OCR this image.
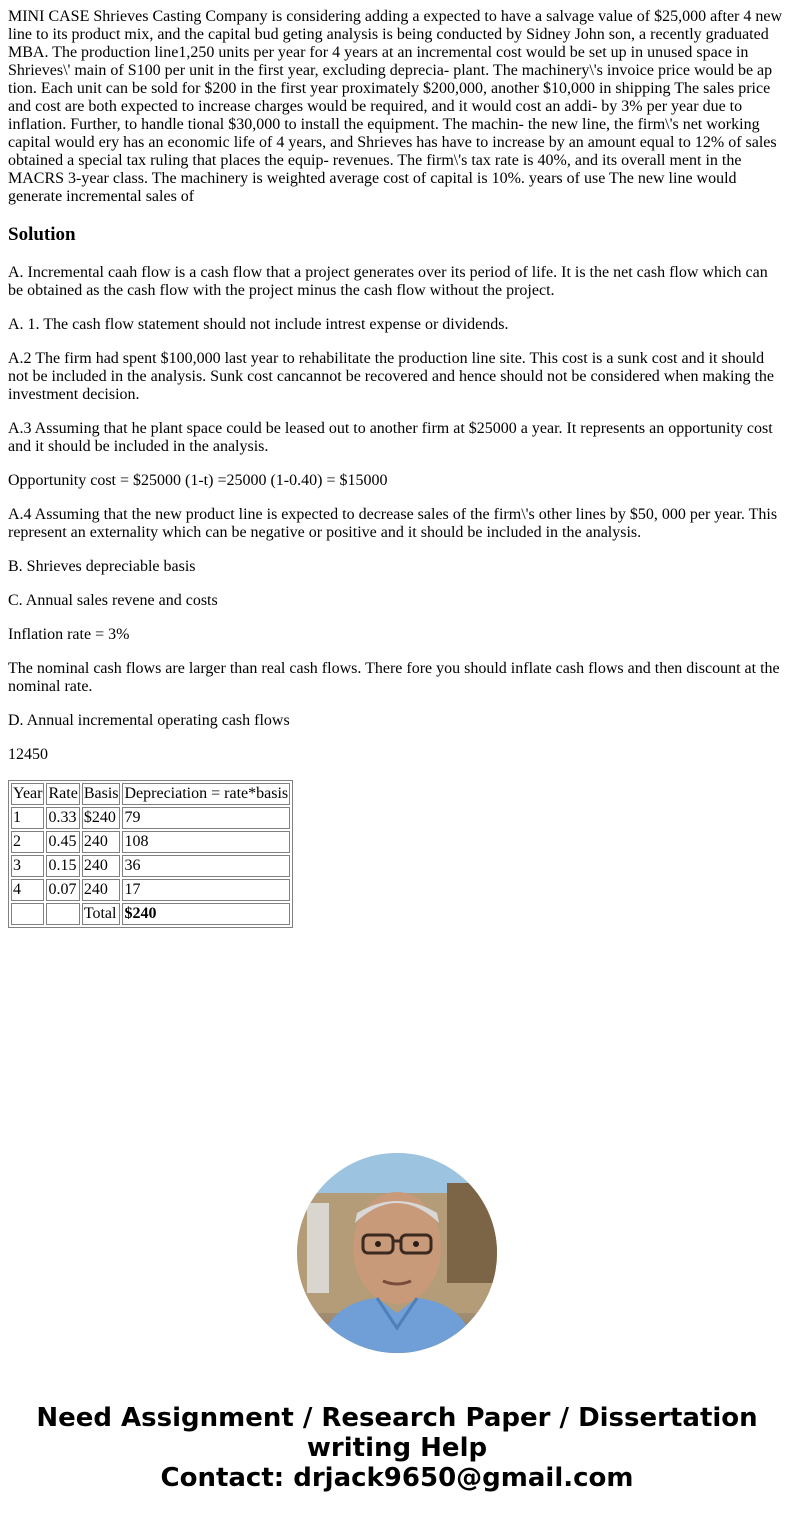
MINI CASE Shrieves Casting Company is considering adding a expected to have a salvage value of $25,000 after 4 new line to its product mix, and the capital bud geting analysis is being conducted by Sidney John son, a recently graduated MBA. The production line1,250 units per year for 4 years at an incremental cost would be set up in unused space in Shrieves\' main of S100 per unit in the first year, excluding deprecia- plant. The machinery\'s invoice price would be ap tion. Each unit can be sold for $200 in the first year proximately $200,000, another $10,000 in shipping The sales price and cost are both expected to increase charges would be required, and it would cost an addi- by 3% per year due to inflation. Further, to handle tional $30,000 to install the equipment. The machin- the new line, the firm\'s net working capital would ery has an economic life of 4 years, and Shrieves has have to increase by an amount equal to 12% of sales obtained a special tax ruling that places the equip- revenues. The firm\'s tax rate is 40%, and its overall ment in the MACRS 3-year class. The machinery is weighted average cost of capital is 10%. years of use The new line would generate incremental sales of
Solution

A. Incremental caah flow is a cash flow that a project generates over its period of life. It is the net cash flow which can be obtained as the cash flow with the project minus the cash flow without the project.

A. 1. The cash flow statement should not include intrest expense or dividends.

A.2 The firm had spent $100,000 last year to rehabilitate the production line site. This cost is a sunk cost and it should not be included in the analysis. Sunk cost cancannot be recovered and hence should not be considered when making the investment decision.

A.3 Assuming that he plant space could be leased out to another firm at $25000 a year. It represents an opportunity cost and it should be included in the analysis.

Opportunity cost = $25000 (1-t) =25000 (1-0.40) = $15000

A.4 Assuming that the new product line is expected to decrease sales of the firm\'s other lines by $50, 000 per year. This represent an externality which can be negative or positive and it should be included in the analysis.

B. Shrieves depreciable basis

C. Annual sales revene and costs

Inflation rate = 3%

The nominal cash flows are larger than real cash flows. There fore you should inflate cash flows and then discount at the nominal rate.

D. Annual incremental operating cash flows

12450

Year	Rate	Basis	Depreciation = rate*basis
1	0.33	$240	79
2	0.45	240	108
3	0.15	240	36
4	0.07	240	17
		Total	$240
Need Assignment / Research Paper / Dissertation
writing Help
Contact: drjack9650@gmail.com
